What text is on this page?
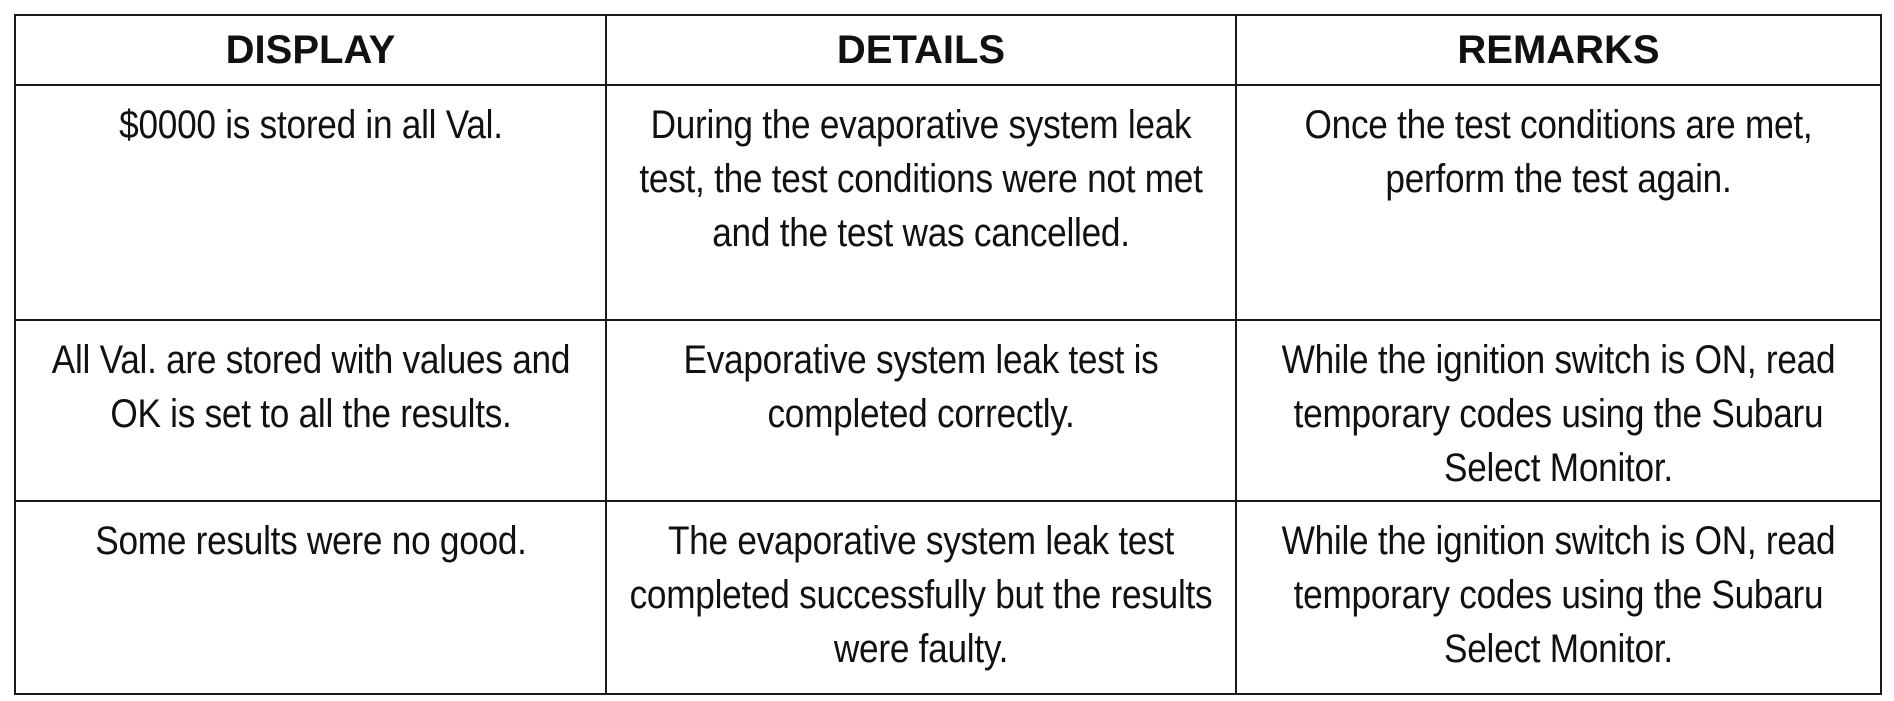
DISPLAY	DETAILS	REMARKS
$0000 is stored in all Val.	During the evaporative system leak test, the test conditions were not met and the test was cancelled.	Once the test conditions are met, perform the test again.
All Val. are stored with values and OK is set to all the results.	Evaporative system leak test is completed correctly.	While the ignition switch is ON, read temporary codes using the Subaru Select Monitor.
Some results were no good.	The evaporative system leak test completed successfully but the results were faulty.	While the ignition switch is ON, read temporary codes using the Subaru Select Monitor.
